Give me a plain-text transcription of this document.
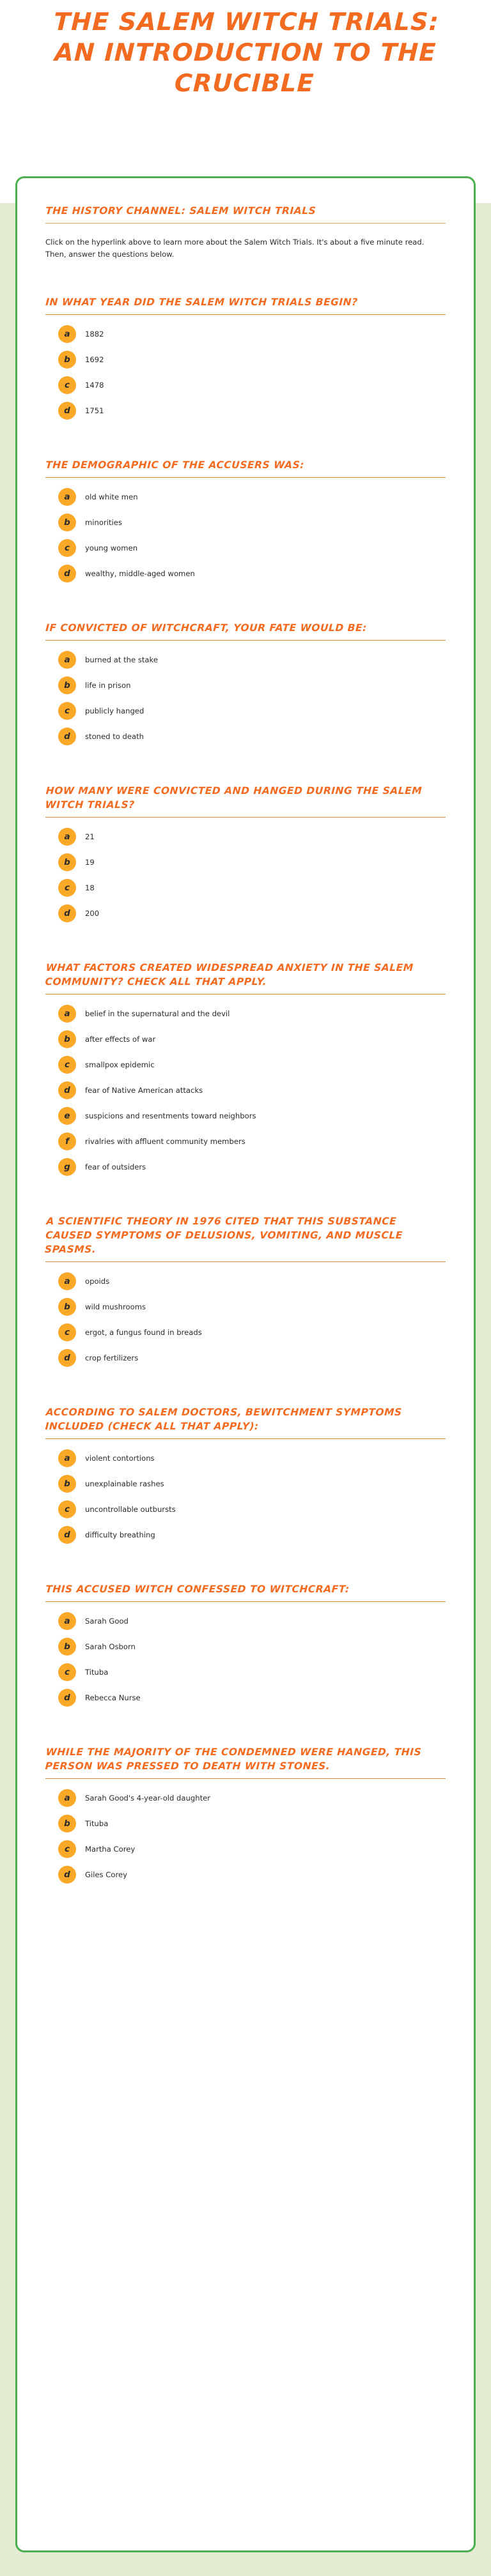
THE SALEM WITCH TRIALS: AN INTRODUCTION TO THE CRUCIBLE
THE HISTORY CHANNEL: SALEM WITCH TRIALS

Click on the hyperlink above to learn more about the Salem Witch Trials. It's about a five minute read. Then, answer the questions below.

IN WHAT YEAR DID THE SALEM WITCH TRIALS BEGIN?
a	1882
b	1692
c	1478
d	1751
THE DEMOGRAPHIC OF THE ACCUSERS WAS:
a	old white men
b	minorities
c	young women
d	wealthy, middle-aged women
IF CONVICTED OF WITCHCRAFT, YOUR FATE WOULD BE:
a	burned at the stake
b	life in prison
c	publicly hanged
d	stoned to death
HOW MANY WERE CONVICTED AND HANGED DURING THE SALEM WITCH TRIALS?
a	21
b	19
c	18
d	200
WHAT FACTORS CREATED WIDESPREAD ANXIETY IN THE SALEM COMMUNITY? CHECK ALL THAT APPLY.
a	belief in the supernatural and the devil
b	after effects of war
c	smallpox epidemic
d	fear of Native American attacks
e	suspicions and resentments toward neighbors
f	rivalries with affluent community members
g	fear of outsiders
A SCIENTIFIC THEORY IN 1976 CITED THAT THIS SUBSTANCE CAUSED SYMPTOMS OF DELUSIONS, VOMITING, AND MUSCLE SPASMS.
a	opoids
b	wild mushrooms
c	ergot, a fungus found in breads
d	crop fertilizers
ACCORDING TO SALEM DOCTORS, BEWITCHMENT SYMPTOMS INCLUDED (CHECK ALL THAT APPLY):
a	violent contortions
b	unexplainable rashes
c	uncontrollable outbursts
d	difficulty breathing
THIS ACCUSED WITCH CONFESSED TO WITCHCRAFT:
a	Sarah Good
b	Sarah Osborn
c	Tituba
d	Rebecca Nurse
WHILE THE MAJORITY OF THE CONDEMNED WERE HANGED, THIS PERSON WAS PRESSED TO DEATH WITH STONES.
a	Sarah Good's 4-year-old daughter
b	Tituba
c	Martha Corey
d	Giles Corey
